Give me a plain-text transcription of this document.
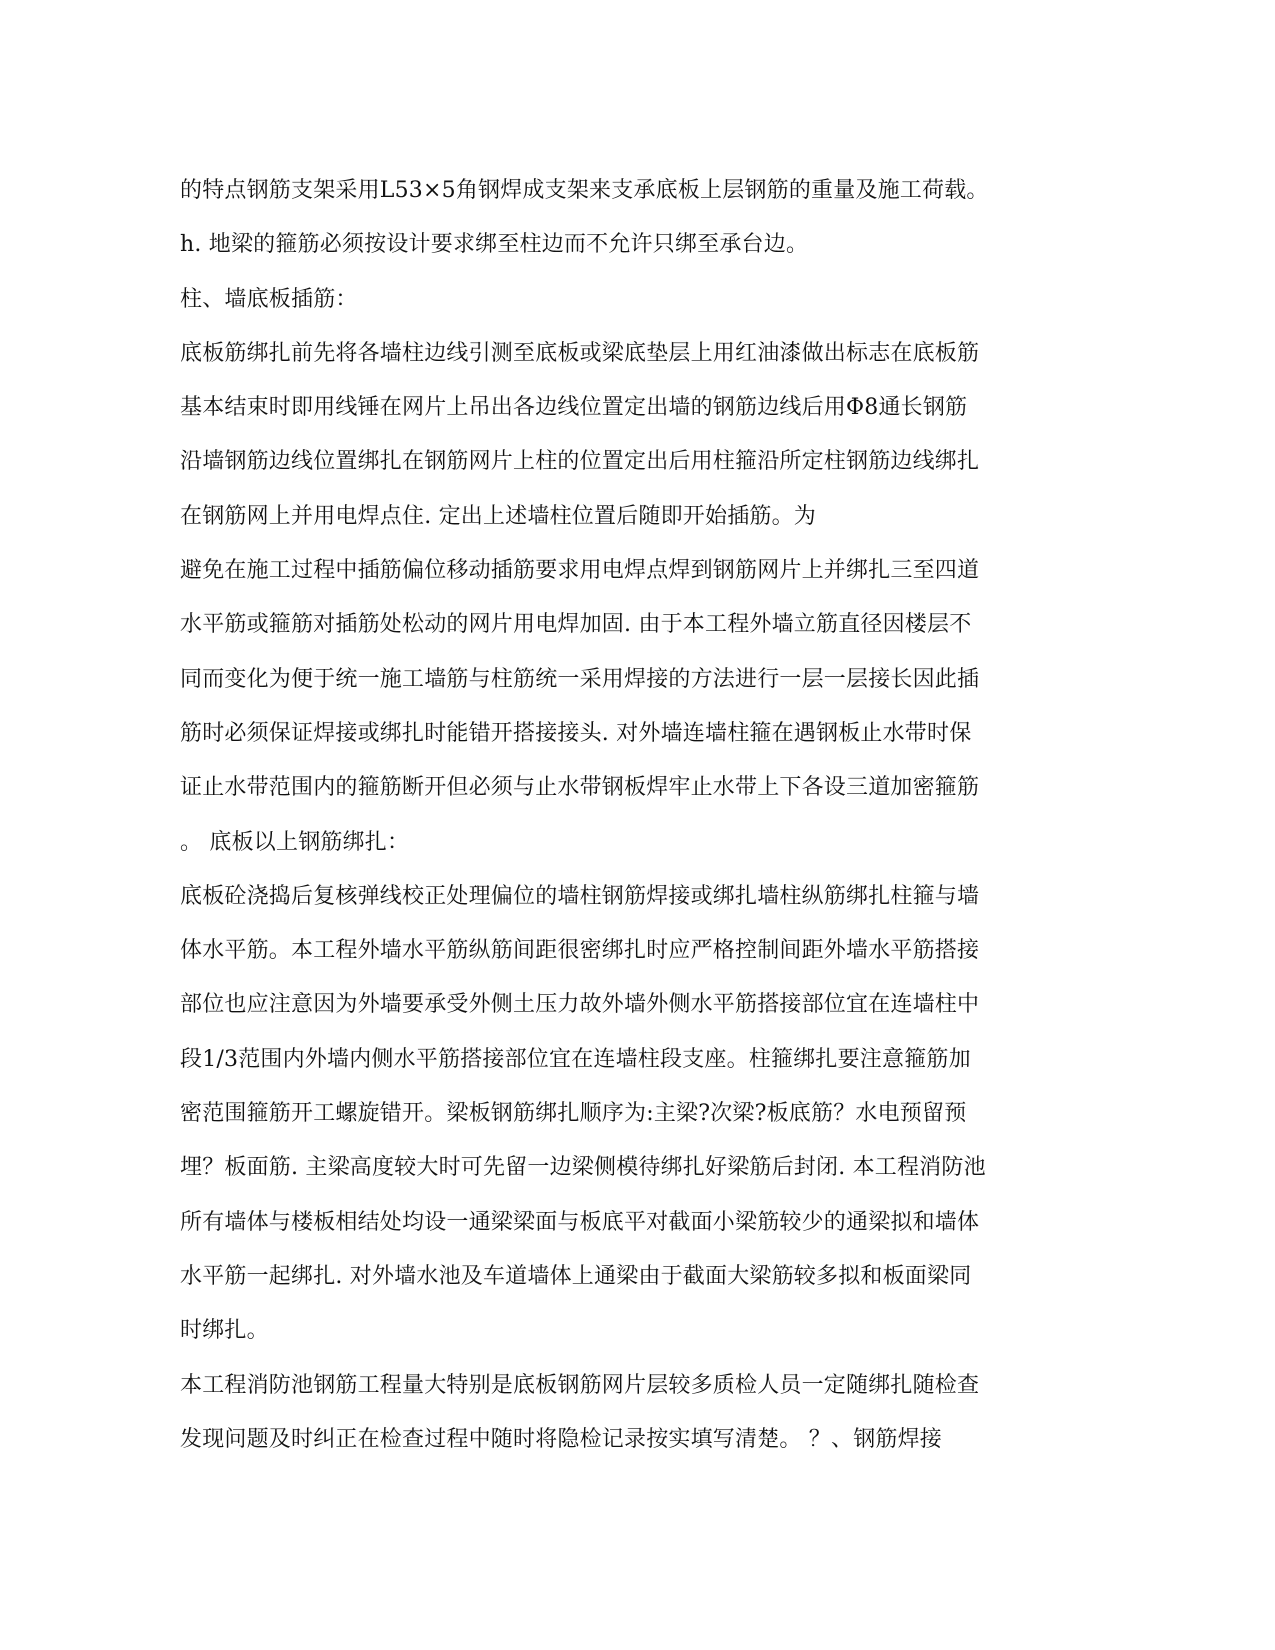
的特点钢筋支架采用L53×5角钢焊成支架来支承底板上层钢筋的重量及施工荷载。
h. 地梁的箍筋必须按设计要求绑至柱边而不允许只绑至承台边。
柱、墙底板插筋：
底板筋绑扎前先将各墙柱边线引测至底板或梁底垫层上用红油漆做出标志在底板筋
基本结束时即用线锤在网片上吊出各边线位置定出墙的钢筋边线后用Φ8通长钢筋
沿墙钢筋边线位置绑扎在钢筋网片上柱的位置定出后用柱箍沿所定柱钢筋边线绑扎
在钢筋网上并用电焊点住. 定出上述墙柱位置后随即开始插筋。为
避免在施工过程中插筋偏位移动插筋要求用电焊点焊到钢筋网片上并绑扎三至四道
水平筋或箍筋对插筋处松动的网片用电焊加固. 由于本工程外墙立筋直径因楼层不
同而变化为便于统一施工墙筋与柱筋统一采用焊接的方法进行一层一层接长因此插
筋时必须保证焊接或绑扎时能错开搭接接头. 对外墙连墙柱箍在遇钢板止水带时保
证止水带范围内的箍筋断开但必须与止水带钢板焊牢止水带上下各设三道加密箍筋
。 底板以上钢筋绑扎：
底板砼浇捣后复核弹线校正处理偏位的墙柱钢筋焊接或绑扎墙柱纵筋绑扎柱箍与墙
体水平筋。本工程外墙水平筋纵筋间距很密绑扎时应严格控制间距外墙水平筋搭接
部位也应注意因为外墙要承受外侧土压力故外墙外侧水平筋搭接部位宜在连墙柱中
段1/3范围内外墙内侧水平筋搭接部位宜在连墙柱段支座。柱箍绑扎要注意箍筋加
密范围箍筋开工螺旋错开。梁板钢筋绑扎顺序为:主梁?次梁?板底筋？水电预留预
埋？板面筋. 主梁高度较大时可先留一边梁侧模待绑扎好梁筋后封闭. 本工程消防池
所有墙体与楼板相结处均设一通梁梁面与板底平对截面小梁筋较少的通梁拟和墙体
水平筋一起绑扎. 对外墙水池及车道墙体上通梁由于截面大梁筋较多拟和板面梁同
时绑扎。
本工程消防池钢筋工程量大特别是底板钢筋网片层较多质检人员一定随绑扎随检查
发现问题及时纠正在检查过程中随时将隐检记录按实填写清楚。 ？、钢筋焊接
